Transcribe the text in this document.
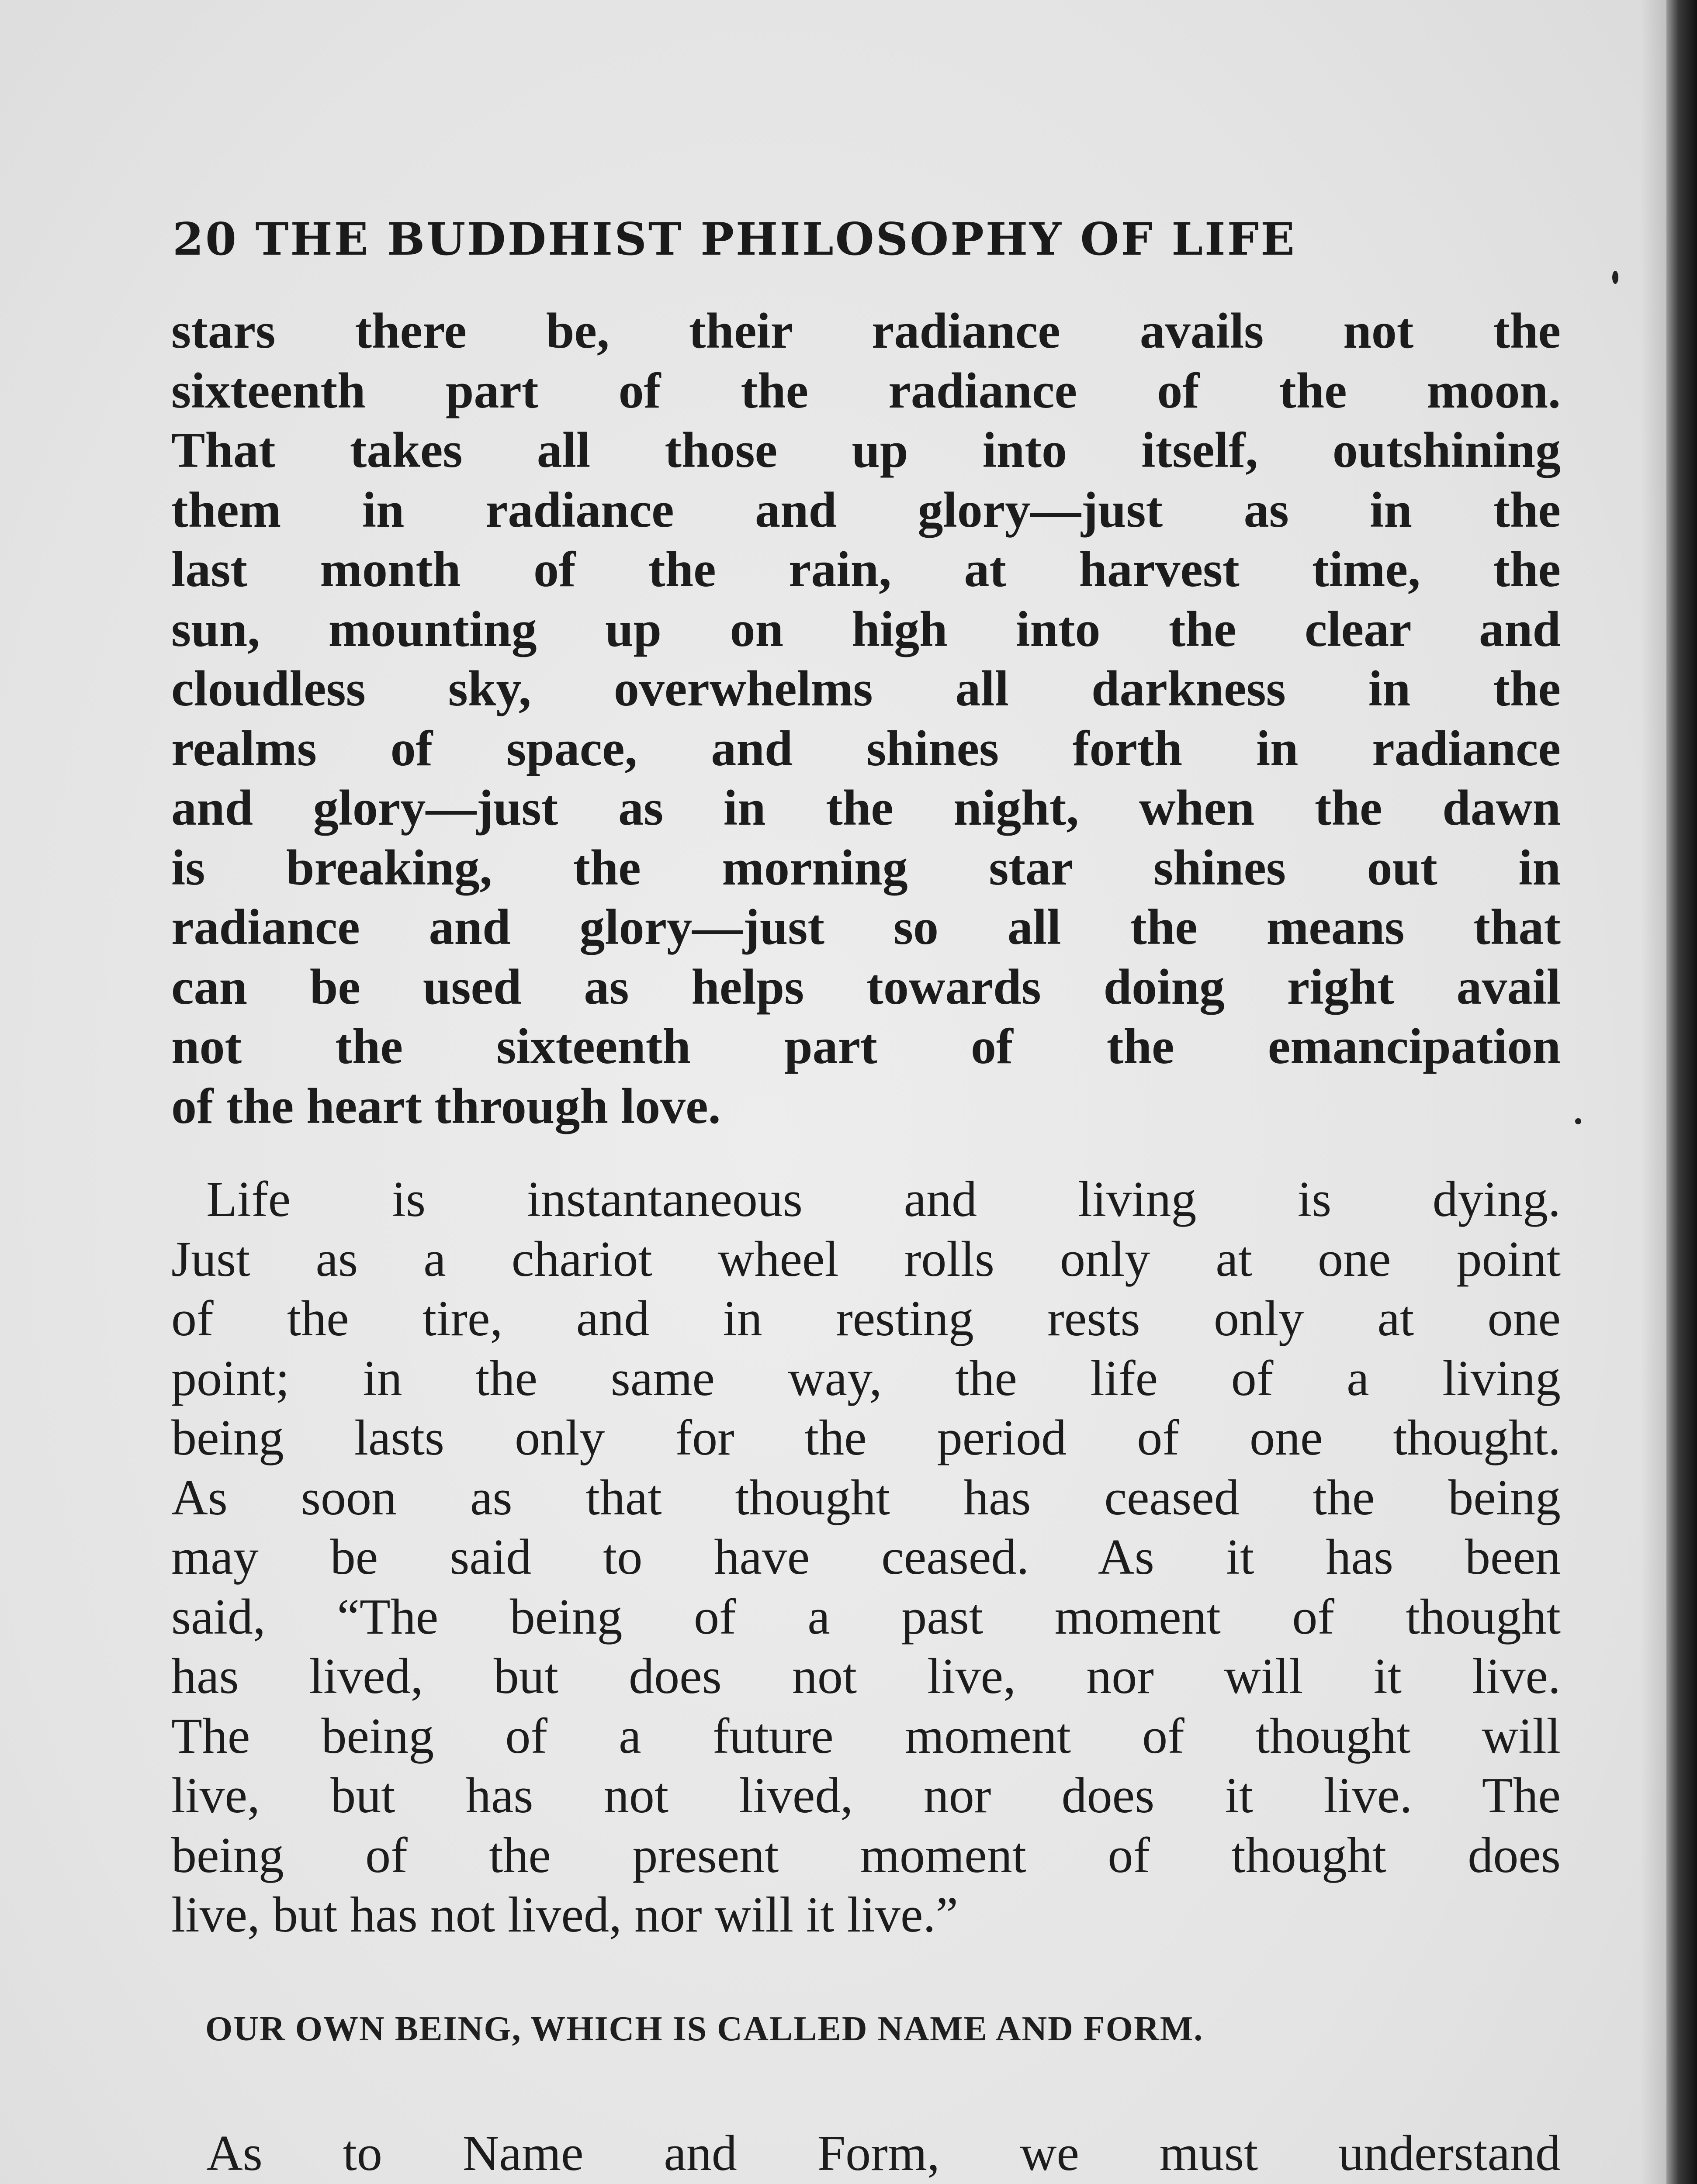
20 THE BUDDHIST PHILOSOPHY OF LIFE
stars there be, their radiance avails not the
sixteenth part of the radiance of the moon.
That takes all those up into itself, outshining
them in radiance and glory—just as in the
last month of the rain, at harvest time, the
sun, mounting up on high into the clear and
cloudless sky, overwhelms all darkness in the
realms of space, and shines forth in radiance
and glory—just as in the night, when the dawn
is breaking, the morning star shines out in
radiance and glory—just so all the means that
can be used as helps towards doing right avail
not the sixteenth part of the emancipation
of the heart through love.
Life is instantaneous and living is dying.
Just as a chariot wheel rolls only at one point
of the tire, and in resting rests only at one
point; in the same way, the life of a living
being lasts only for the period of one thought.
As soon as that thought has ceased the being
may be said to have ceased. As it has been
said, “The being of a past moment of thought
has lived, but does not live, nor will it live.
The being of a future moment of thought will
live, but has not lived, nor does it live. The
being of the present moment of thought does
live, but has not lived, nor will it live.”
OUR OWN BEING, WHICH IS CALLED NAME AND FORM.
As to Name and Form, we must understand
